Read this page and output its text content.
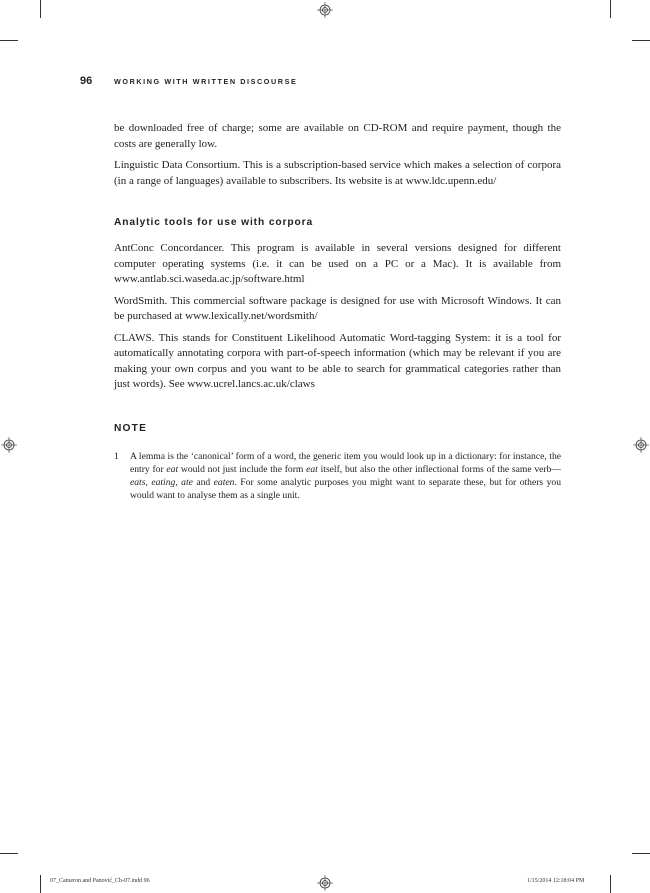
96	WORKING WITH WRITTEN DISCOURSE

be downloaded free of charge; some are available on CD-ROM and require payment, though the costs are generally low.

Linguistic Data Consortium. This is a subscription-based service which makes a selection of corpora (in a range of languages) available to subscribers. Its website is at www.ldc.upenn.edu/

Analytic tools for use with corpora

AntConc Concordancer. This program is available in several versions designed for different computer operating systems (i.e. it can be used on a PC or a Mac). It is available from www.antlab.sci.waseda.ac.jp/software.html

WordSmith. This commercial software package is designed for use with Microsoft Windows. It can be purchased at www.lexically.net/wordsmith/

CLAWS. This stands for Constituent Likelihood Automatic Word-tagging System: it is a tool for automatically annotating corpora with part-of-speech information (which may be relevant if you are making your own corpus and you want to be able to search for grammatical categories rather than just words). See www.ucrel.lancs.ac.uk/claws

NOTE
1	A lemma is the ‘canonical’ form of a word, the generic item you would look up in a dictionary: for instance, the entry for eat would not just include the form eat itself, but also the other inflectional forms of the same verb—eats, eating, ate and eaten. For some analytic purposes you might want to separate these, but for others you would want to analyse them as a single unit.
07_Cameron and Panović_Ch-07.indd 96	1/15/2014 12:18:04 PM
